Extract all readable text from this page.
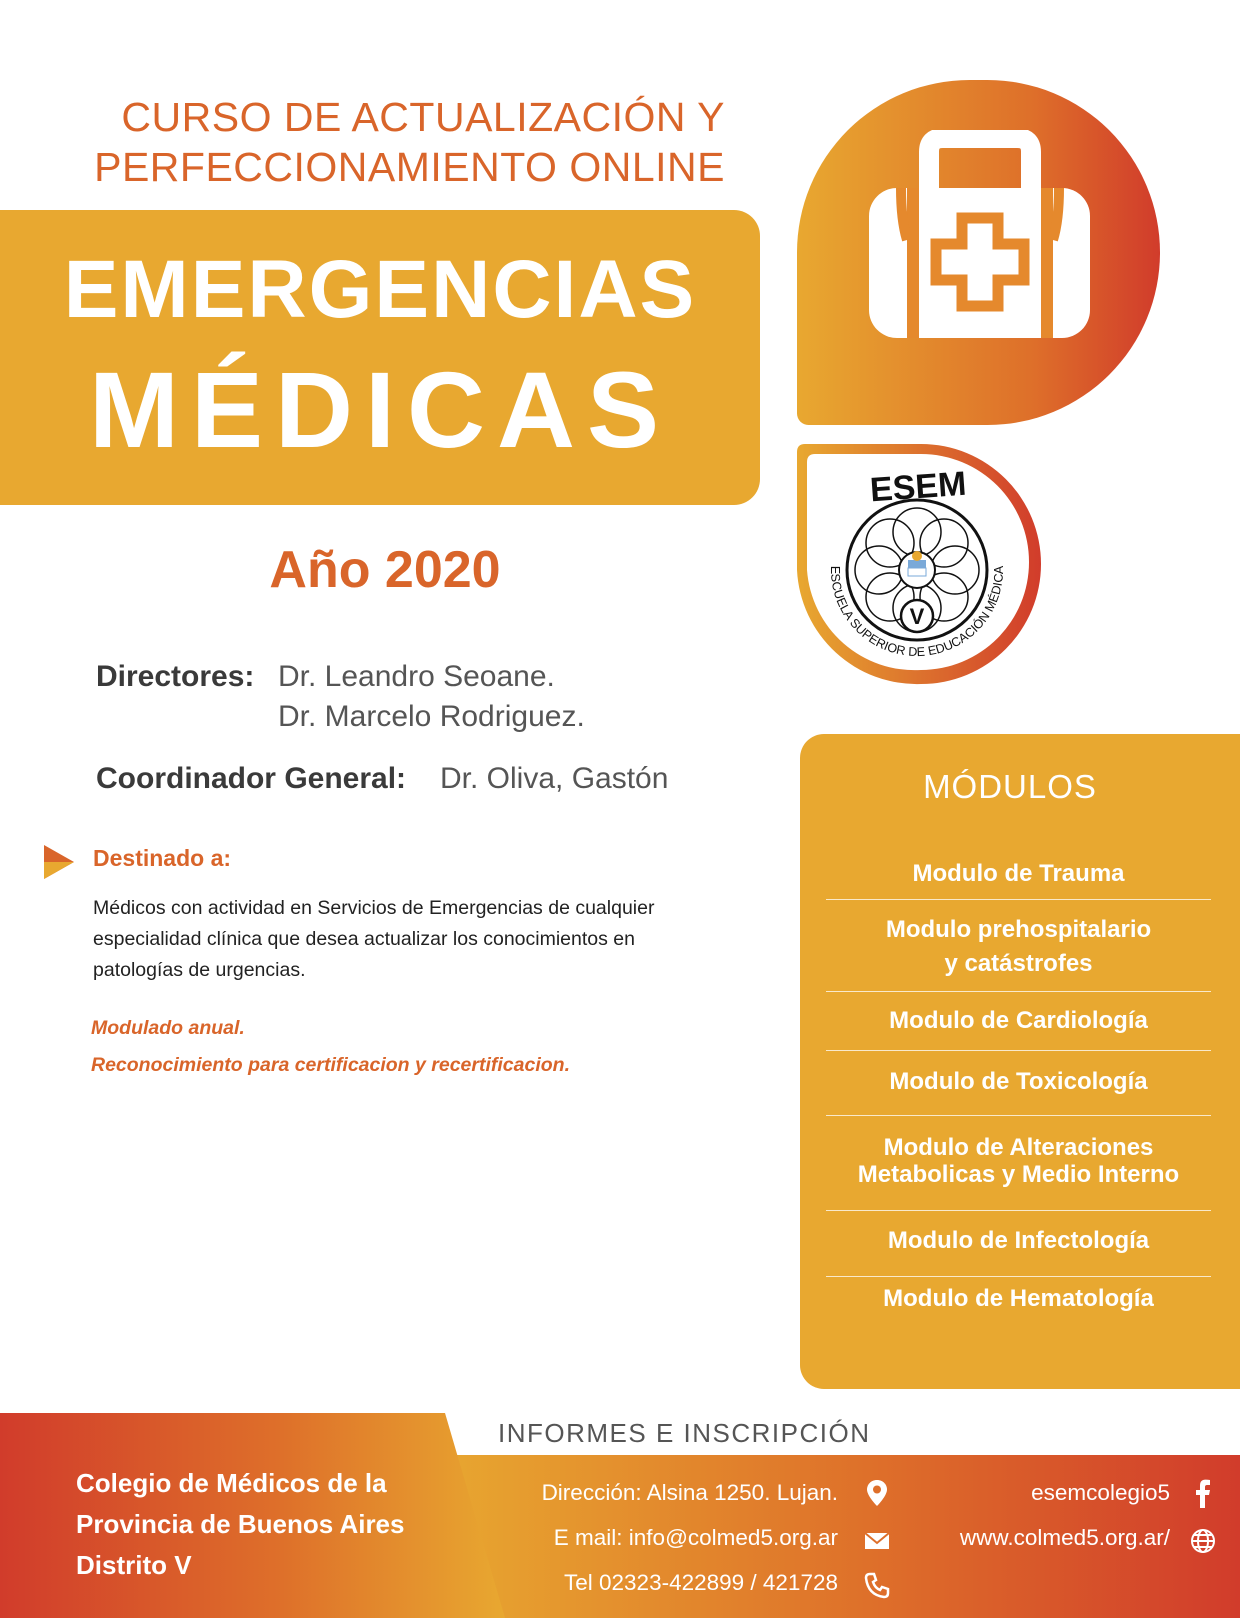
CURSO DE ACTUALIZACIÓN Y
PERFECCIONAMIENTO ONLINE
EMERGENCIAS
MÉDICAS
ESEM
ESCUELA SUPERIOR DE EDUCACIÓN MÉDICA
V
Año 2020
Directores: Dr. Leandro Seoane.
Dr. Marcelo Rodriguez.
Coordinador General: Dr. Oliva, Gastón
Destinado a:
Médicos con actividad en Servicios de Emergencias de cualquier
especialidad clínica que desea actualizar los conocimientos en
patologías de urgencias.
Modulado anual.
Reconocimiento para certificacion y recertificacion.
MÓDULOS
Modulo de Trauma
Modulo prehospitalario
y catástrofes
Modulo de Cardiología
Modulo de Toxicología
Modulo de Alteraciones
Metabolicas y Medio Interno
Modulo de Infectología
Modulo de Hematología
Colegio de Médicos de la
Provincia de Buenos Aires
Distrito V
INFORMES E INSCRIPCIÓN
Dirección: Alsina 1250. Lujan.
E mail: info@colmed5.org.ar
Tel 02323-422899 / 421728
esemcolegio5
www.colmed5.org.ar/
